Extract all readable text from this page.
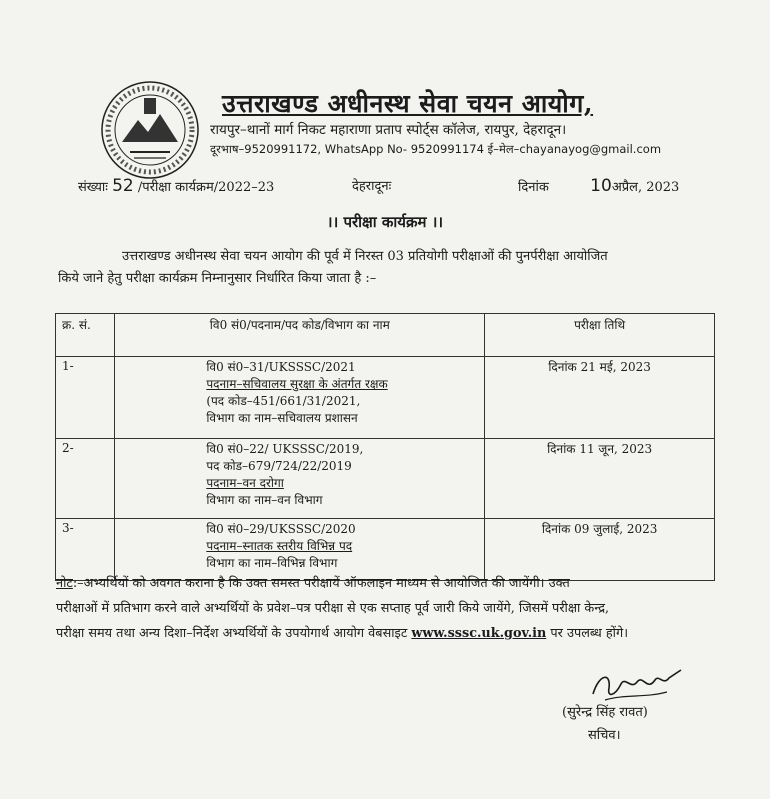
उत्तराखण्ड अधीनस्थ सेवा चयन आयोग,
रायपुर–थानों मार्ग निकट महाराणा प्रताप स्पोर्ट्स कॉलेज, रायपुर, देहरादून।
दूरभाष–9520991172, WhatsApp No- 9520991174 ई–मेल–chayanayog@gmail.com
संख्याः 52 /परीक्षा कार्यक्रम/2022–23	देहरादूनः	दिनांक 10अप्रैल, 2023
।। परीक्षा कार्यक्रम ।।
उत्तराखण्ड अधीनस्थ सेवा चयन आयोग की पूर्व में निरस्त 03 प्रतियोगी परीक्षाओं की पुनर्परीक्षा आयोजित
किये जाने हेतु परीक्षा कार्यक्रम निम्नानुसार निर्धारित किया जाता है :–
क्र. सं.	वि0 सं0/पदनाम/पद कोड/विभाग का नाम	परीक्षा तिथि
1-	वि0 सं0–31/UKSSSC/2021
पदनाम–सचिवालय सुरक्षा के अंतर्गत रक्षक
(पद कोड–451/661/31/2021,
विभाग का नाम–सचिवालय प्रशासन	दिनांक 21 मई, 2023
2-	वि0 सं0–22/ UKSSSC/2019,
पद कोड–679/724/22/2019
पदनाम–वन दरोगा
विभाग का नाम–वन विभाग	दिनांक 11 जून, 2023
3-	वि0 सं0–29/UKSSSC/2020
पदनाम–स्नातक स्तरीय विभिन्न पद
विभाग का नाम–विभिन्न विभाग	दिनांक 09 जुलाई, 2023
नोट:–अभ्यर्थियों को अवगत कराना है कि उक्त समस्त परीक्षायें ऑफलाइन माध्यम से आयोजित की जायेंगी। उक्त
परीक्षाओं में प्रतिभाग करने वाले अभ्यर्थियों के प्रवेश–पत्र परीक्षा से एक सप्ताह पूर्व जारी किये जायेंगे, जिसमें परीक्षा केन्द्र,
परीक्षा समय तथा अन्य दिशा–निर्देश अभ्यर्थियों के उपयोगार्थ आयोग वेबसाइट www.sssc.uk.gov.in पर उपलब्ध होंगे।
(सुरेन्द्र सिंह रावत)
सचिव।
